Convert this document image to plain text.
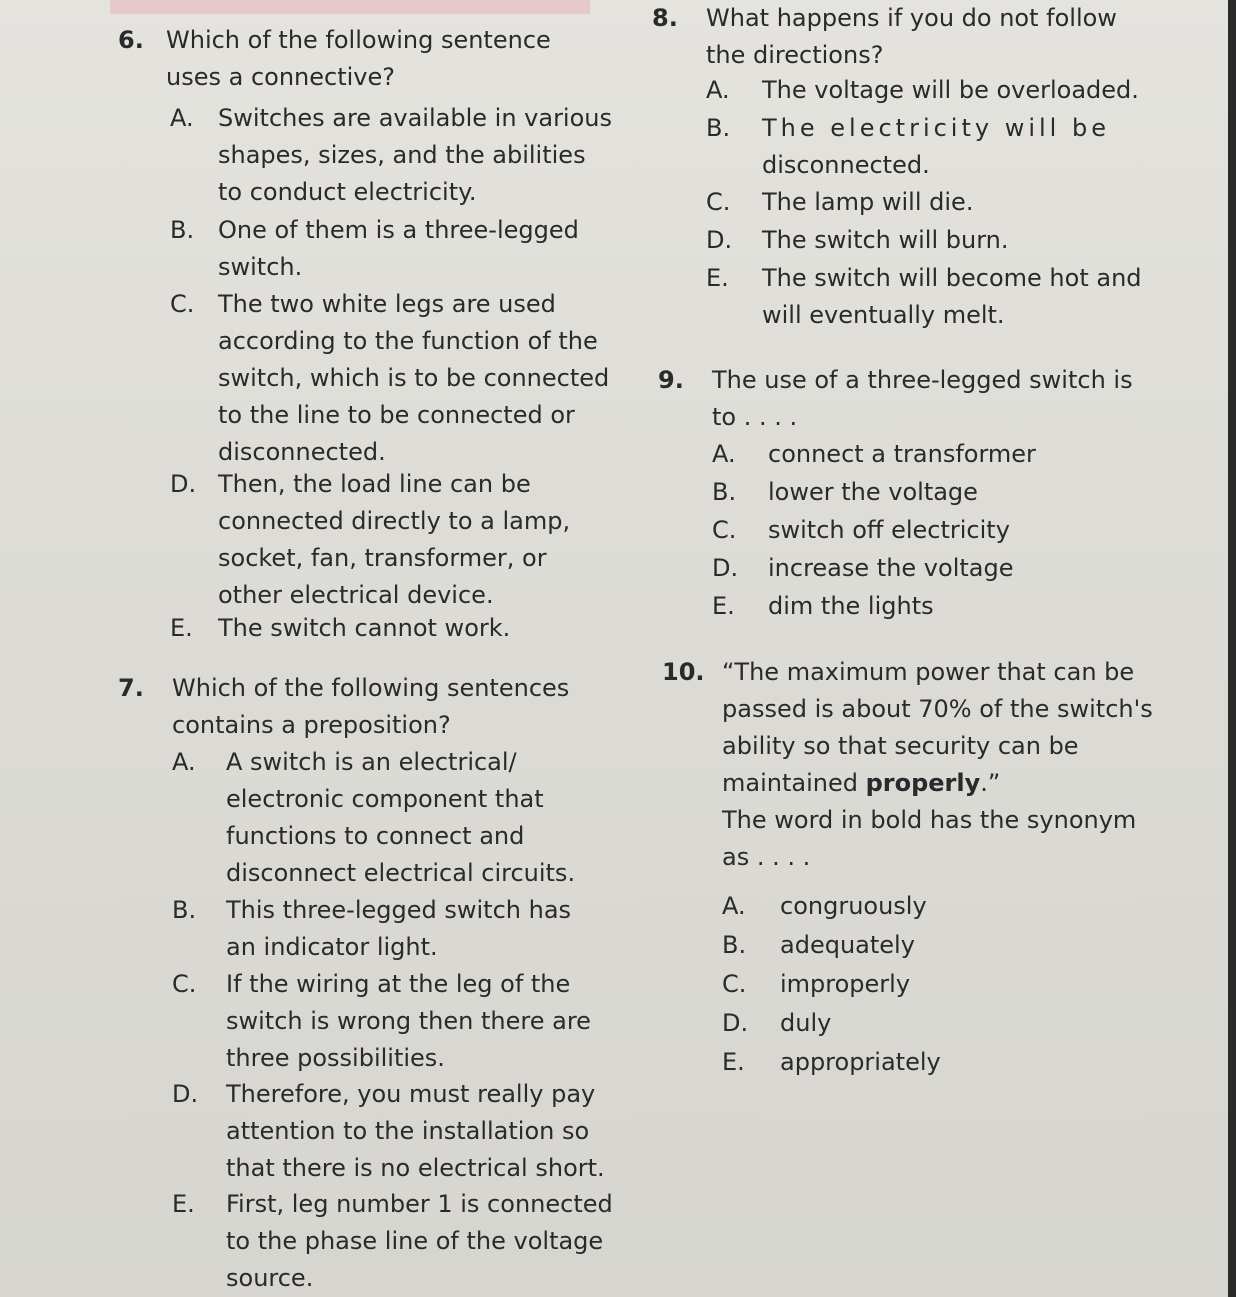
6. Which of the following sentence
uses a connective?
A. Switches are available in various
shapes, sizes, and the abilities
to conduct electricity.
B. One of them is a three-legged
switch.
C. The two white legs are used
according to the function of the
switch, which is to be connected
to the line to be connected or
disconnected.
D. Then, the load line can be
connected directly to a lamp,
socket, fan, transformer, or
other electrical device.
E. The switch cannot work.
7. Which of the following sentences
contains a preposition?
A. A switch is an electrical/
electronic component that
functions to connect and
disconnect electrical circuits.
B. This three-legged switch has
an indicator light.
C. If the wiring at the leg of the
switch is wrong then there are
three possibilities.
D. Therefore, you must really pay
attention to the installation so
that there is no electrical short.
E. First, leg number 1 is connected
to the phase line of the voltage
source.
8. What happens if you do not follow
the directions?
A. The voltage will be overloaded.
B. The electricity will be
disconnected.
C. The lamp will die.
D. The switch will burn.
E. The switch will become hot and
will eventually melt.
9. The use of a three-legged switch is
to . . . .
A. connect a transformer
B. lower the voltage
C. switch off electricity
D. increase the voltage
E. dim the lights
10. “The maximum power that can be
passed is about 70% of the switch's
ability so that security can be
maintained properly.”
The word in bold has the synonym
as . . . .
A. congruously
B. adequately
C. improperly
D. duly
E. appropriately
